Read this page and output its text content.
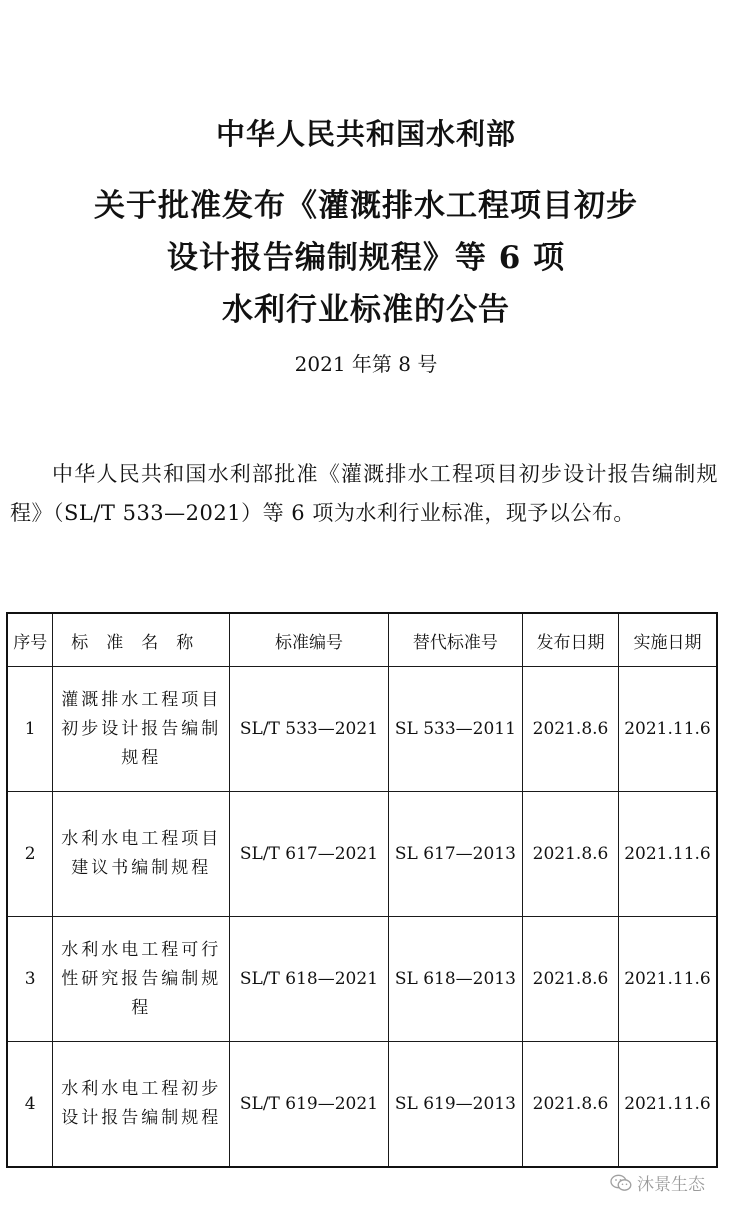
中华人民共和国水利部
关于批准发布《灌溉排水工程项目初步
设计报告编制规程》等 6 项
水利行业标准的公告
2021 年第 8 号
中华人民共和国水利部批准《灌溉排水工程项目初步设计报告编制规程》（SL/T 533—2021）等 6 项为水利行业标准，现予以公布。
序号	标准名称	标准编号	替代标准号	发布日期	实施日期
1	灌溉排水工程项目初步设计报告编制规程	SL/T 533—2021	SL 533—2011	2021.8.6	2021.11.6
2	水利水电工程项目建议书编制规程	SL/T 617—2021	SL 617—2013	2021.8.6	2021.11.6
3	水利水电工程可行性研究报告编制规程	SL/T 618—2021	SL 618—2013	2021.8.6	2021.11.6
4	水利水电工程初步设计报告编制规程	SL/T 619—2021	SL 619—2013	2021.8.6	2021.11.6
沐景生态
